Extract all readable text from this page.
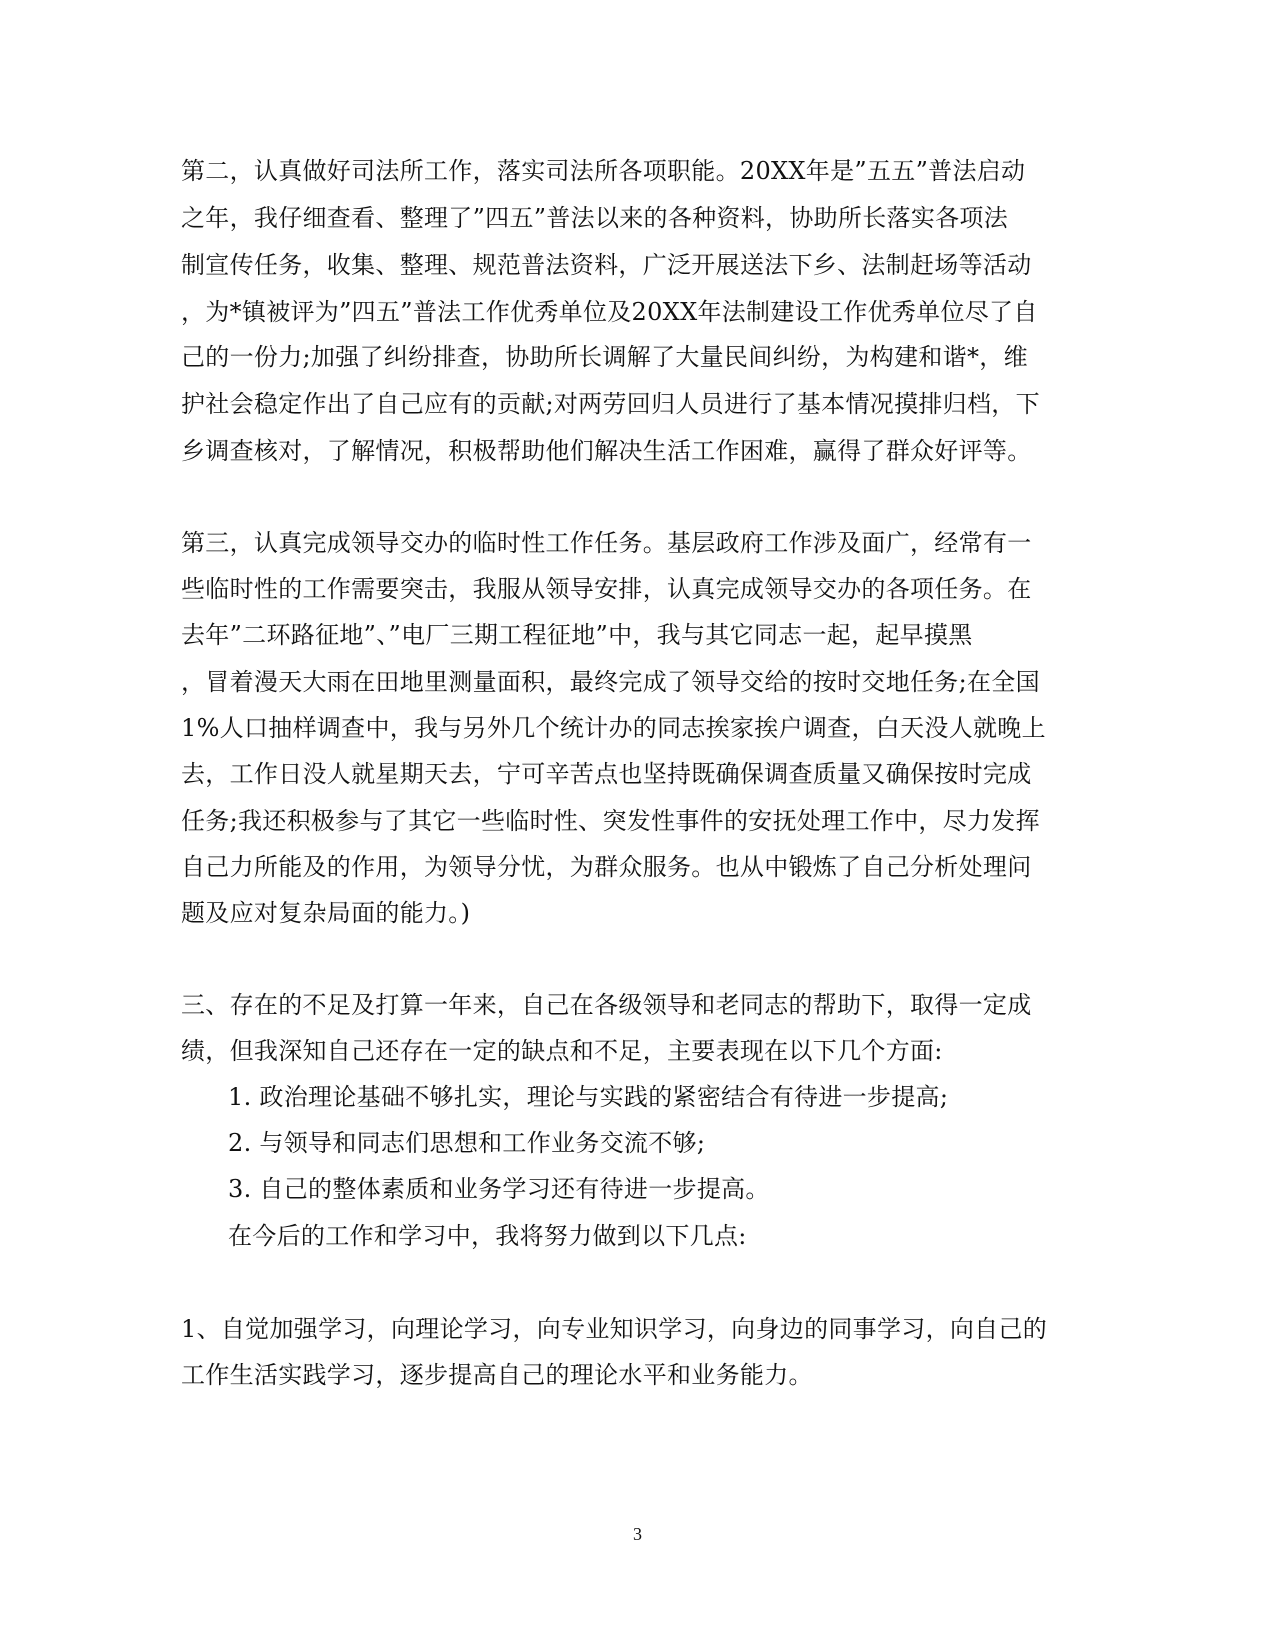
第二，认真做好司法所工作，落实司法所各项职能。20XX年是”五五”普法启动
之年，我仔细查看、整理了”四五”普法以来的各种资料，协助所长落实各项法
制宣传任务，收集、整理、规范普法资料，广泛开展送法下乡、法制赶场等活动
，为*镇被评为”四五”普法工作优秀单位及20XX年法制建设工作优秀单位尽了自
己的一份力;加强了纠纷排查，协助所长调解了大量民间纠纷，为构建和谐*，维
护社会稳定作出了自己应有的贡献;对两劳回归人员进行了基本情况摸排归档，下
乡调查核对，了解情况，积极帮助他们解决生活工作困难，赢得了群众好评等。
第三，认真完成领导交办的临时性工作任务。基层政府工作涉及面广，经常有一
些临时性的工作需要突击，我服从领导安排，认真完成领导交办的各项任务。在
去年”二环路征地”、”电厂三期工程征地”中，我与其它同志一起，起早摸黑
，冒着漫天大雨在田地里测量面积，最终完成了领导交给的按时交地任务;在全国
1%人口抽样调查中，我与另外几个统计办的同志挨家挨户调查，白天没人就晚上
去，工作日没人就星期天去，宁可辛苦点也坚持既确保调查质量又确保按时完成
任务;我还积极参与了其它一些临时性、突发性事件的安抚处理工作中，尽力发挥
自己力所能及的作用，为领导分忧，为群众服务。也从中锻炼了自己分析处理问
题及应对复杂局面的能力。)
三、存在的不足及打算一年来，自己在各级领导和老同志的帮助下，取得一定成
绩，但我深知自己还存在一定的缺点和不足，主要表现在以下几个方面:
1. 政治理论基础不够扎实，理论与实践的紧密结合有待进一步提高;
2. 与领导和同志们思想和工作业务交流不够;
3. 自己的整体素质和业务学习还有待进一步提高。
在今后的工作和学习中，我将努力做到以下几点:
1、自觉加强学习，向理论学习，向专业知识学习，向身边的同事学习，向自己的
工作生活实践学习，逐步提高自己的理论水平和业务能力。
3
